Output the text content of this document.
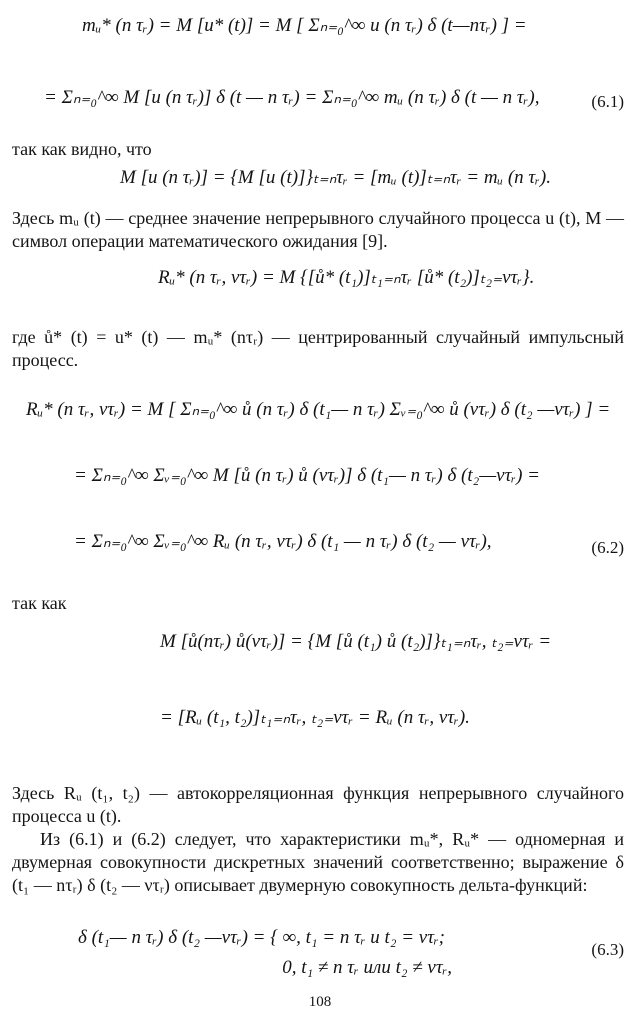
mᵤ* (n τᵣ) = M [u* (t)] = M [ Σₙ₌₀^∞ u (n τᵣ) δ (t—nτᵣ) ] =
= Σₙ₌₀^∞ M [u (n τᵣ)] δ (t — n τᵣ) = Σₙ₌₀^∞ mᵤ (n τᵣ) δ (t — n τᵣ),	(6.1)
так как видно, что
M [u (n τᵣ)] = {M [u (t)]}ₜ₌ₙτᵣ = [mᵤ (t)]ₜ₌ₙτᵣ = mᵤ (n τᵣ).
Здесь mᵤ (t) — среднее значение непрерывного случайного процесса u (t), M — символ операции математического ожидания [9].
Rᵤ* (n τᵣ, ντᵣ) = M {[ů* (t₁)]ₜ₁₌ₙτᵣ [ů* (t₂)]ₜ₂₌ντᵣ}.
где ů* (t) = u* (t) — mᵤ* (nτᵣ) — центрированный случайный импульсный процесс.
Rᵤ* (n τᵣ, ντᵣ) = M [ Σₙ₌₀^∞ ů (n τᵣ) δ (t₁— n τᵣ) Σᵥ₌₀^∞ ů (ντᵣ) δ (t₂ —ντᵣ) ] =
= Σₙ₌₀^∞ Σᵥ₌₀^∞ M [ů (n τᵣ) ů (ντᵣ)] δ (t₁— n τᵣ) δ (t₂—ντᵣ) =
= Σₙ₌₀^∞ Σᵥ₌₀^∞ Rᵤ (n τᵣ, ντᵣ) δ (t₁ — n τᵣ) δ (t₂ — ντᵣ),	(6.2)
так как
M [ů(nτᵣ) ů(ντᵣ)] = {M [ů (t₁) ů (t₂)]}ₜ₁₌ₙτᵣ, ₜ₂₌ντᵣ =
= [Rᵤ (t₁, t₂)]ₜ₁₌ₙτᵣ, ₜ₂₌ντᵣ = Rᵤ (n τᵣ, ντᵣ).
Здесь Rᵤ (t₁, t₂) — автокорреляционная функция непрерывного случайного процесса u (t).
Из (6.1) и (6.2) следует, что характеристики mᵤ*, Rᵤ* — одномерная и двумерная совокупности дискретных значений соответственно; выражение δ (t₁ — nτᵣ) δ (t₂ — ντᵣ) описывает двумерную совокупность дельта-функций:
δ (t₁— n τᵣ) δ (t₂ —ντᵣ) = { ∞, t₁ = n τᵣ и t₂ = ντᵣ;
0, t₁ ≠ n τᵣ или t₂ ≠ ντᵣ,
(6.3)
108
